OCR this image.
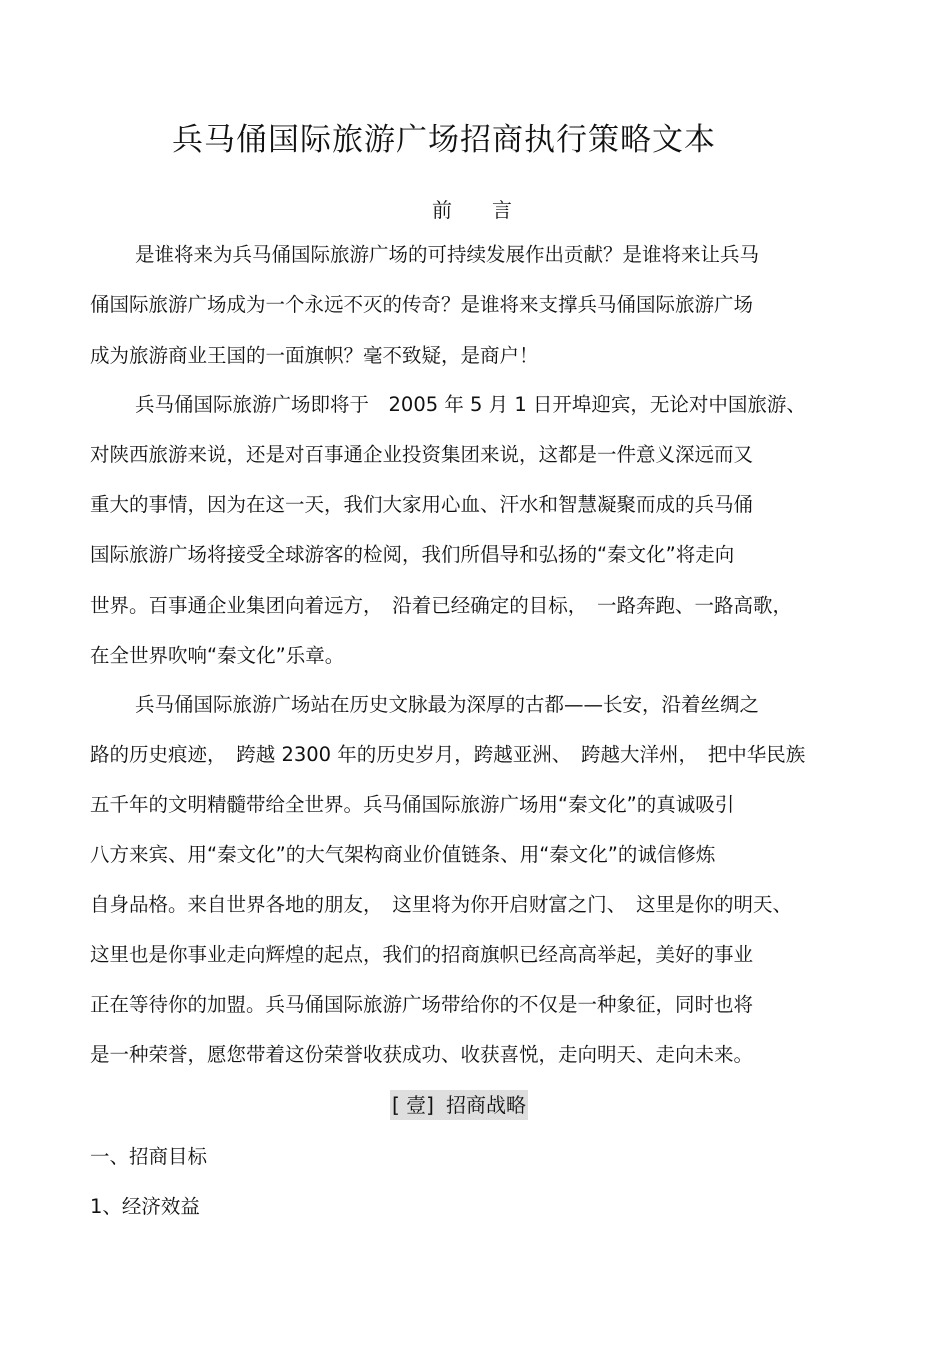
兵马俑国际旅游广场招商执行策略文本
前 言
是谁将来为兵马俑国际旅游广场的可持续发展作出贡献？是谁将来让兵马
俑国际旅游广场成为一个永远不灭的传奇？是谁将来支撑兵马俑国际旅游广场
成为旅游商业王国的一面旗帜？毫不致疑，是商户！
兵马俑国际旅游广场即将于　2005 年 5 月 1 日开埠迎宾，无论对中国旅游、
对陕西旅游来说，还是对百事通企业投资集团来说，这都是一件意义深远而又
重大的事情，因为在这一天，我们大家用心血、汗水和智慧凝聚而成的兵马俑
国际旅游广场将接受全球游客的检阅，我们所倡导和弘扬的“秦文化”将走向
世界。百事通企业集团向着远方，　沿着已经确定的目标，　一路奔跑、一路高歌，
在全世界吹响“秦文化”乐章。
兵马俑国际旅游广场站在历史文脉最为深厚的古都——长安，沿着丝绸之
路的历史痕迹，　跨越 2300 年的历史岁月，跨越亚洲、　跨越大洋州，　把中华民族
五千年的文明精髓带给全世界。兵马俑国际旅游广场用“秦文化”的真诚吸引
八方来宾、用“秦文化”的大气架构商业价值链条、用“秦文化”的诚信修炼
自身品格。来自世界各地的朋友，　这里将为你开启财富之门、　这里是你的明天、
这里也是你事业走向辉煌的起点，我们的招商旗帜已经高高举起，美好的事业
正在等待你的加盟。兵马俑国际旅游广场带给你的不仅是一种象征，同时也将
是一种荣誉，愿您带着这份荣誉收获成功、收获喜悦，走向明天、走向未来。
[ 壹] 招商战略
一、招商目标
1、经济效益
